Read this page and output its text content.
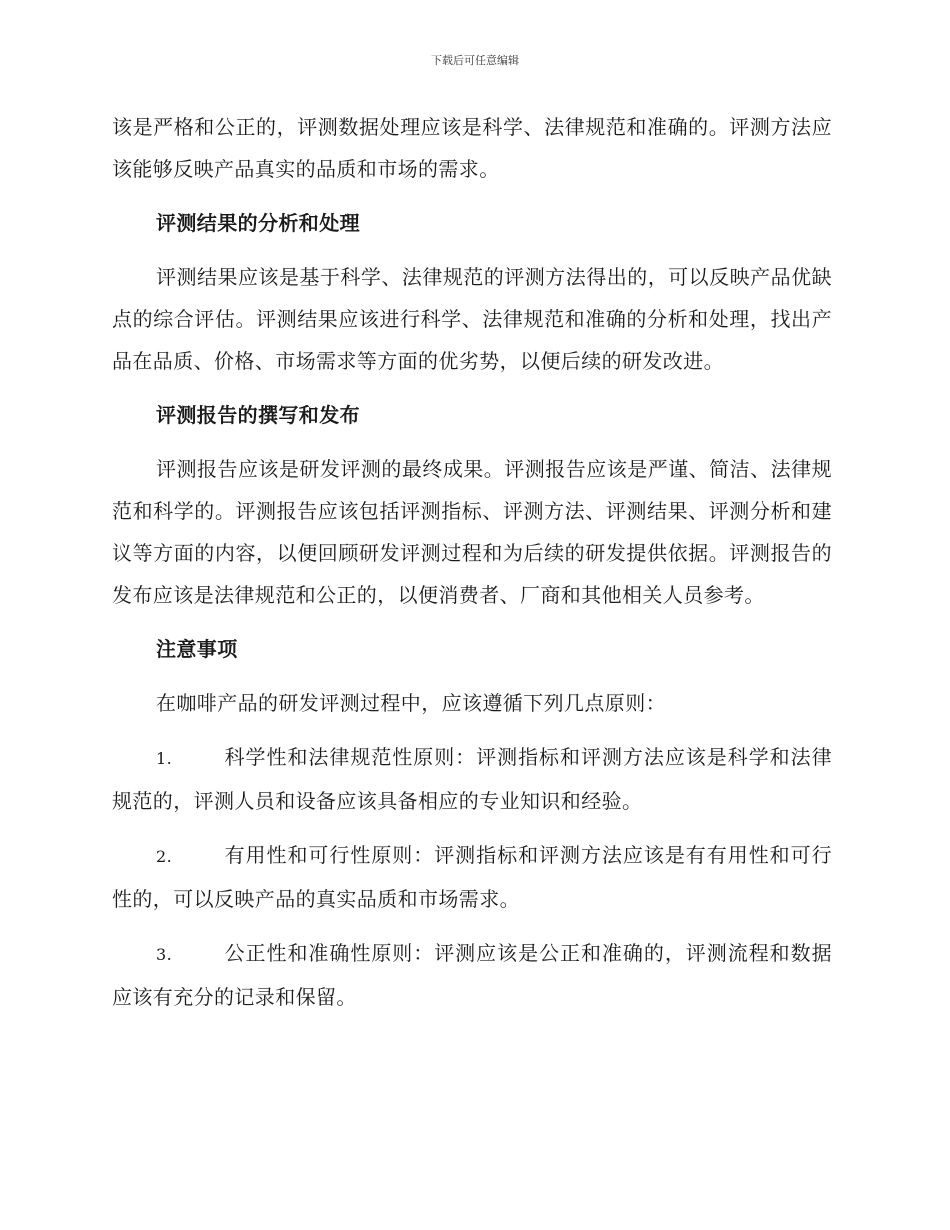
下载后可任意编辑

该是严格和公正的，评测数据处理应该是科学、法律规范和准确的。评测方法应该能够反映产品真实的品质和市场的需求。

评测结果的分析和处理

评测结果应该是基于科学、法律规范的评测方法得出的，可以反映产品优缺点的综合评估。评测结果应该进行科学、法律规范和准确的分析和处理，找出产品在品质、价格、市场需求等方面的优劣势，以便后续的研发改进。

评测报告的撰写和发布

评测报告应该是研发评测的最终成果。评测报告应该是严谨、简洁、法律规范和科学的。评测报告应该包括评测指标、评测方法、评测结果、评测分析和建议等方面的内容，以便回顾研发评测过程和为后续的研发提供依据。评测报告的发布应该是法律规范和公正的，以便消费者、厂商和其他相关人员参考。

注意事项

在咖啡产品的研发评测过程中，应该遵循下列几点原则：

1.	科学性和法律规范性原则：评测指标和评测方法应该是科学和法律规范的，评测人员和设备应该具备相应的专业知识和经验。

2.	有用性和可行性原则：评测指标和评测方法应该是有有用性和可行性的，可以反映产品的真实品质和市场需求。

3.	公正性和准确性原则：评测应该是公正和准确的，评测流程和数据应该有充分的记录和保留。
